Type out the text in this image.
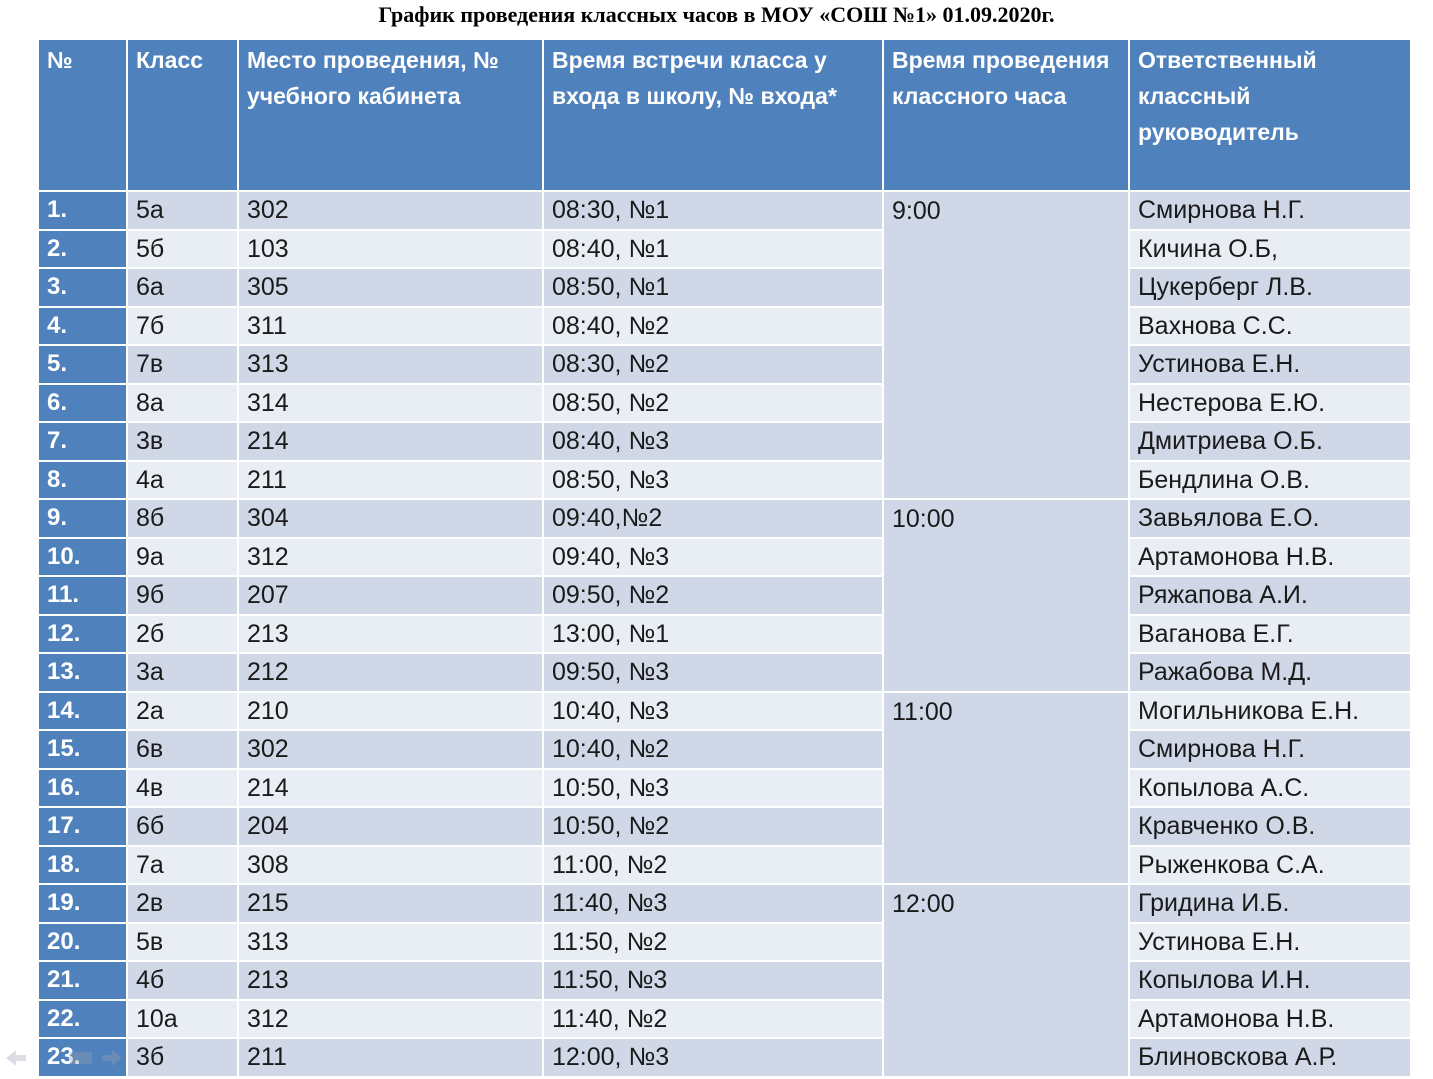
График проведения классных часов в МОУ «СОШ №1» 01.09.2020г.
№	Класс	Место проведения, № учебного кабинета	Время встречи класса у входа в школу, № входа*	Время проведения классного часа	Ответственный классный руководитель
1.	5а	302	08:30, №1	9:00	Смирнова Н.Г.
2.	5б	103	08:40, №1		Кичина О.Б,
3.	6а	305	08:50, №1		Цукерберг Л.В.
4.	7б	311	08:40, №2		Вахнова С.С.
5.	7в	313	08:30, №2		Устинова Е.Н.
6.	8а	314	08:50, №2		Нестерова Е.Ю.
7.	3в	214	08:40, №3		Дмитриева О.Б.
8.	4а	211	08:50, №3		Бендлина О.В.
9.	8б	304	09:40,№2	10:00	Завьялова Е.О.
10.	9а	312	09:40, №3		Артамонова Н.В.
11.	9б	207	09:50, №2		Ряжапова А.И.
12.	2б	213	13:00, №1		Ваганова Е.Г.
13.	3а	212	09:50, №3		Ражабова М.Д.
14.	2а	210	10:40, №3	11:00	Могильникова Е.Н.
15.	6в	302	10:40, №2		Смирнова Н.Г.
16.	4в	214	10:50, №3		Копылова А.С.
17.	6б	204	10:50, №2		Кравченко О.В.
18.	7а	308	11:00, №2		Рыженкова С.А.
19.	2в	215	11:40, №3	12:00	Гридина И.Б.
20.	5в	313	11:50, №2		Устинова Е.Н.
21.	4б	213	11:50, №3		Копылова И.Н.
22.	10а	312	11:40, №2		Артамонова Н.В.
23.	3б	211	12:00, №3		Блиновскова А.Р.
